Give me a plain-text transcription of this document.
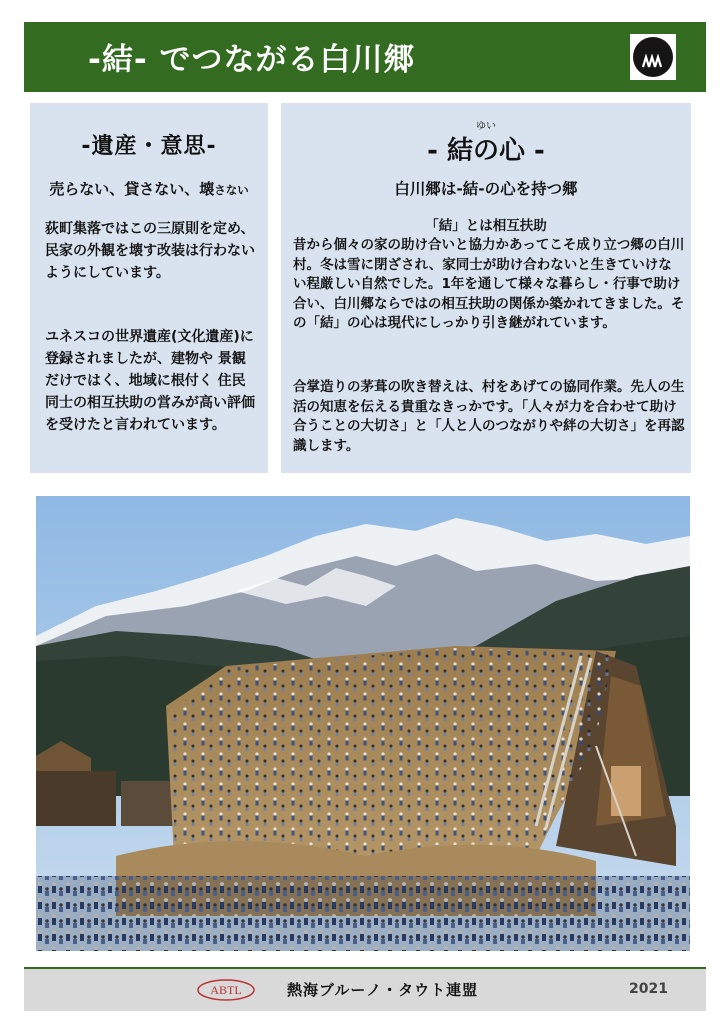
-結- でつながる白川郷
-遺産・意思-
売らない、貸さない、壊さない
荻町集落ではこの三原則を定め、民家の外観を壊す改装は行わないようにしています。
ユネスコの世界遺産(文化遺産)に登録されましたが、建物や 景観 だけではく、地域に根付く 住民 同士の相互扶助の営みが高い評価を受けたと言われています。
ゆい
- 結の心 -
白川郷は-結-の心を持つ郷
「結」とは相互扶助
昔から個々の家の助け合いと協力かあってこそ成り立つ郷の白川村。冬は雪に閉ざされ、家同士が助け合わないと生きていけない程厳しい自然でした。1年を通して様々な暮らし・行事で助け合い、白川郷ならではの相互扶助の関係か築かれてきました。その「結」の心は現代にしっかり引き継がれています。
合掌造りの茅葺の吹き替えは、村をあげての協同作業。先人の生活の知恵を伝える貴重なきっかです。「人々が力を合わせて助け合うことの大切さ」と「人と人のつながりや絆の大切さ」を再認識します。
ABTL	熱海ブルーノ・タウト連盟	2021
